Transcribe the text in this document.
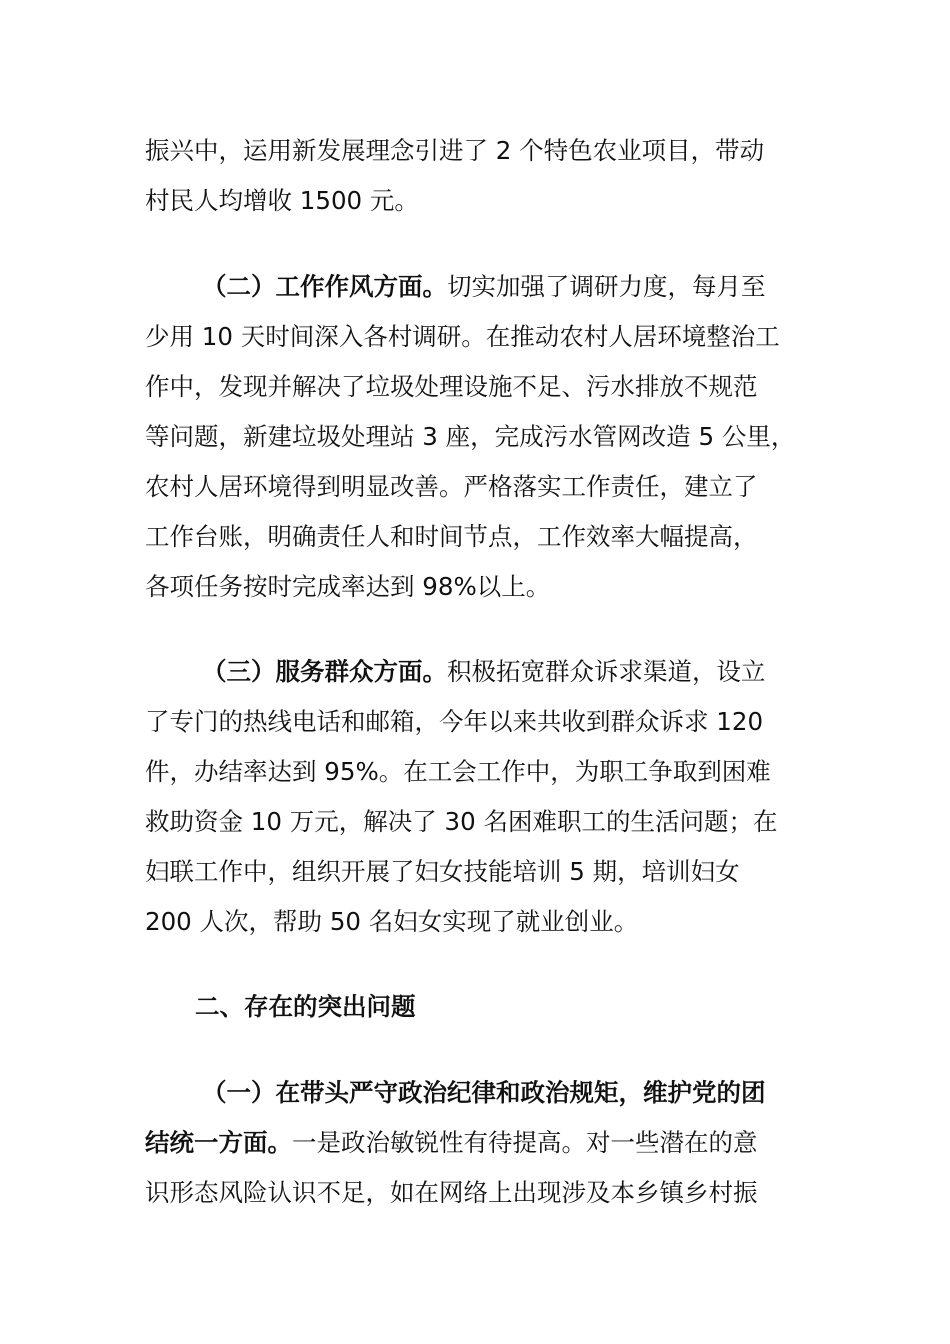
振兴中，运用新发展理念引进了 2 个特色农业项目，带动
村民人均增收 1500 元。
（二）工作作风方面。切实加强了调研力度，每月至
少用 10 天时间深入各村调研。在推动农村人居环境整治工
作中，发现并解决了垃圾处理设施不足、污水排放不规范
等问题，新建垃圾处理站 3 座，完成污水管网改造 5 公里，
农村人居环境得到明显改善。严格落实工作责任，建立了
工作台账，明确责任人和时间节点，工作效率大幅提高，
各项任务按时完成率达到 98%以上。
（三）服务群众方面。积极拓宽群众诉求渠道，设立
了专门的热线电话和邮箱，今年以来共收到群众诉求 120
件，办结率达到 95%。在工会工作中，为职工争取到困难
救助资金 10 万元，解决了 30 名困难职工的生活问题；在
妇联工作中，组织开展了妇女技能培训 5 期，培训妇女
200 人次，帮助 50 名妇女实现了就业创业。
二、存在的突出问题
（一）在带头严守政治纪律和政治规矩，维护党的团
结统一方面。一是政治敏锐性有待提高。对一些潜在的意
识形态风险认识不足，如在网络上出现涉及本乡镇乡村振
